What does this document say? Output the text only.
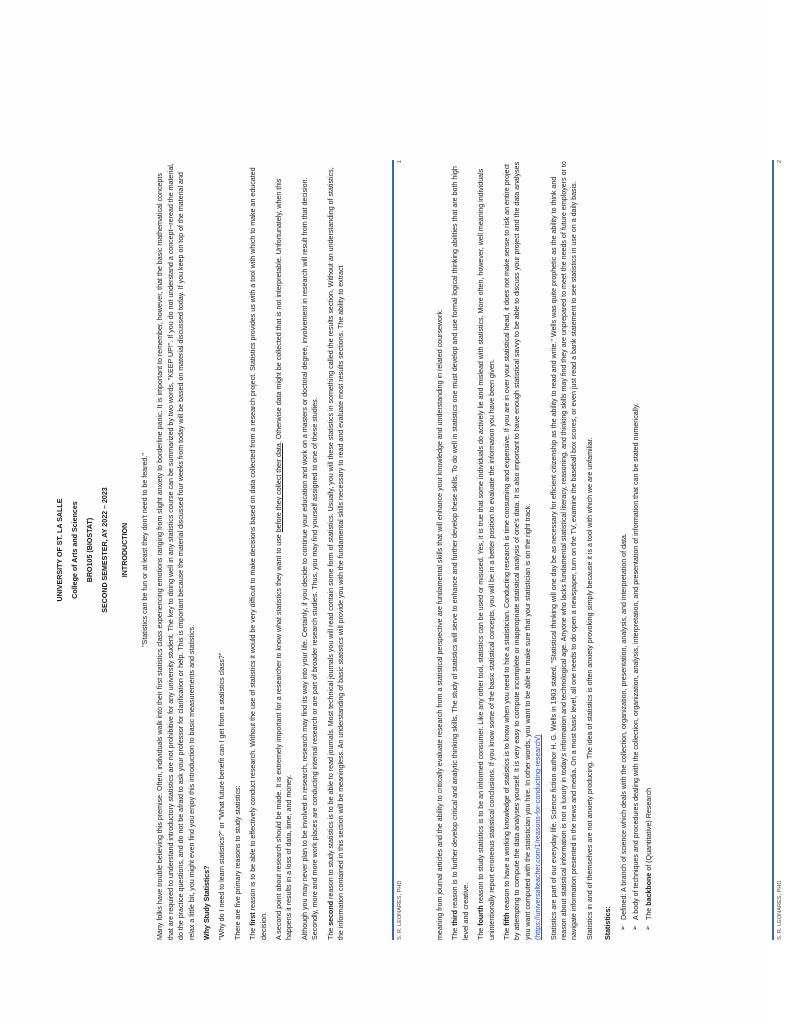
UNIVERSITY OF ST. LA SALLE College of Arts and Sciences BRO105 (BIOSTAT) SECOND SEMESTER, AY 2022 – 2023 INTRODUCTION "Statistics can be fun or at least they don't need to be feared." Many folks have trouble believing this premise. Often, individuals walk into their first statistics class experiencing emotions ranging from slight anxiety to borderline panic. It is important to remember, however, that the basic mathematical concepts that are required to understand introductory statistics are not prohibitive for any university student. The key to doing well in any statistics course can be summarized by two words, "KEEP UP!". If you do not understand a concept--reread the material, do the practice questions, and do not be afraid to ask your professor for clarification or help. This is important because the material discussed four weeks from today will be based on material discussed today. If you keep on top of the material and relax a little bit, you might even find you enjoy this introduction to basic measurements and statistics. Why Study Statistics? "Why do I need to learn statistics?" or "What future benefit can I get from a statistics class?" There are five primary reasons to study statistics: The first reason is to be able to effectively conduct research. Without the use of statistics it would be very difficult to make decisions based on data collected from a research project. Statistics provides us with a tool with which to make an educated decision. A second point about research should be made. It is extremely important for a researcher to know what statistics they want to use before they collect their data. Otherwise data might be collected that is not interpretable. Unfortunately, when this happens it results in a loss of data, time, and money. Although you may never plan to be involved in research, research may find its way into your life. Certainly, if you decide to continue your education and work on a masters or doctoral degree, involvement in research will result from that decision. Secondly, more and more work places are conducting internal research or are part of broader research studies. Thus, you may find yourself assigned to one of these studies. The second reason to study statistics is to be able to read journals. Most technical journals you will read contain some form of statistics. Usually, you will these statistics in something called the results section. Without an understanding of statistics, the information contained in this section will be meaningless. An understanding of basic statistics will provide you with the fundamental skills necessary to read and evaluate most results sections. The ability to extract	S. R. LEONARES, PHD
1

meaning from journal articles and the ability to critically evaluate research from a statistical perspective are fundamental skills that will enhance your knowledge and understanding in related coursework. The third reason is to further develop critical and analytic thinking skills. The study of statistics will serve to enhance and further develop these skills. To do well in statistics one must develop and use formal logical thinking abilities that are both high level and creative. The fourth reason to study statistics is to be an informed consumer. Like any other tool, statistics can be used or misused. Yes, it is true that some individuals do actively lie and mislead with statistics. More often, however, well meaning individuals unintentionally report erroneous statistical conclusions. If you know some of the basic statistical concepts, you will be in a better position to evaluate the information you have been given. The fifth reason to have a working knowledge of statistics is to know when you need to hire a statistician. Conducting research is time consuming and expensive. If you are in over your statistical head, it does not make sense to risk an entire project by attempting to compute the data analyses yourself. It is very easy to compute incomplete or inappropriate statistical analysis of one's data. It is also important to have enough statistical savvy to be able to discuss your project and the data analyses you want computed with the statistician you hire. In other words, you want to be able to make sure that your statistician is on the right track. (https://universalteacher.com/1/reasons-for-conducting-research/) Statistics are part of our everyday life. Science fiction author H. G. Wells in 1903 stated, "Statistical thinking will one day be as necessary for efficient citizenship as the ability to read and write." Wells was quite prophetic as the ability to think and reason about statistical information is not a luxury in today's information and technological age. Anyone who lacks fundamental statistical literacy, reasoning, and thinking skills may find they are unprepared to meet the needs of future employers or to navigate information presented in the news and media. On a most basic level, all one needs to do open a newspaper, turn on the TV, examine the baseball box scores, or even just read a bank statement to see statistics in use on a daily basis. Statistics in and of themselves are not anxiety producing. The idea of statistics is often anxiety provoking simply because it is a tool with which we are unfamiliar. Statistics:

➢ Defined: A branch of science which deals with the collection, organization, presentation, analysis, and interpretation of data. ➢ A body of techniques and procedures dealing with the collection, organization, analysis, interpretation, and presentation of information that can be stated numerically. ➢ The backbone of (Quantitative) Research
S. R. LEONARES, PHD
2
